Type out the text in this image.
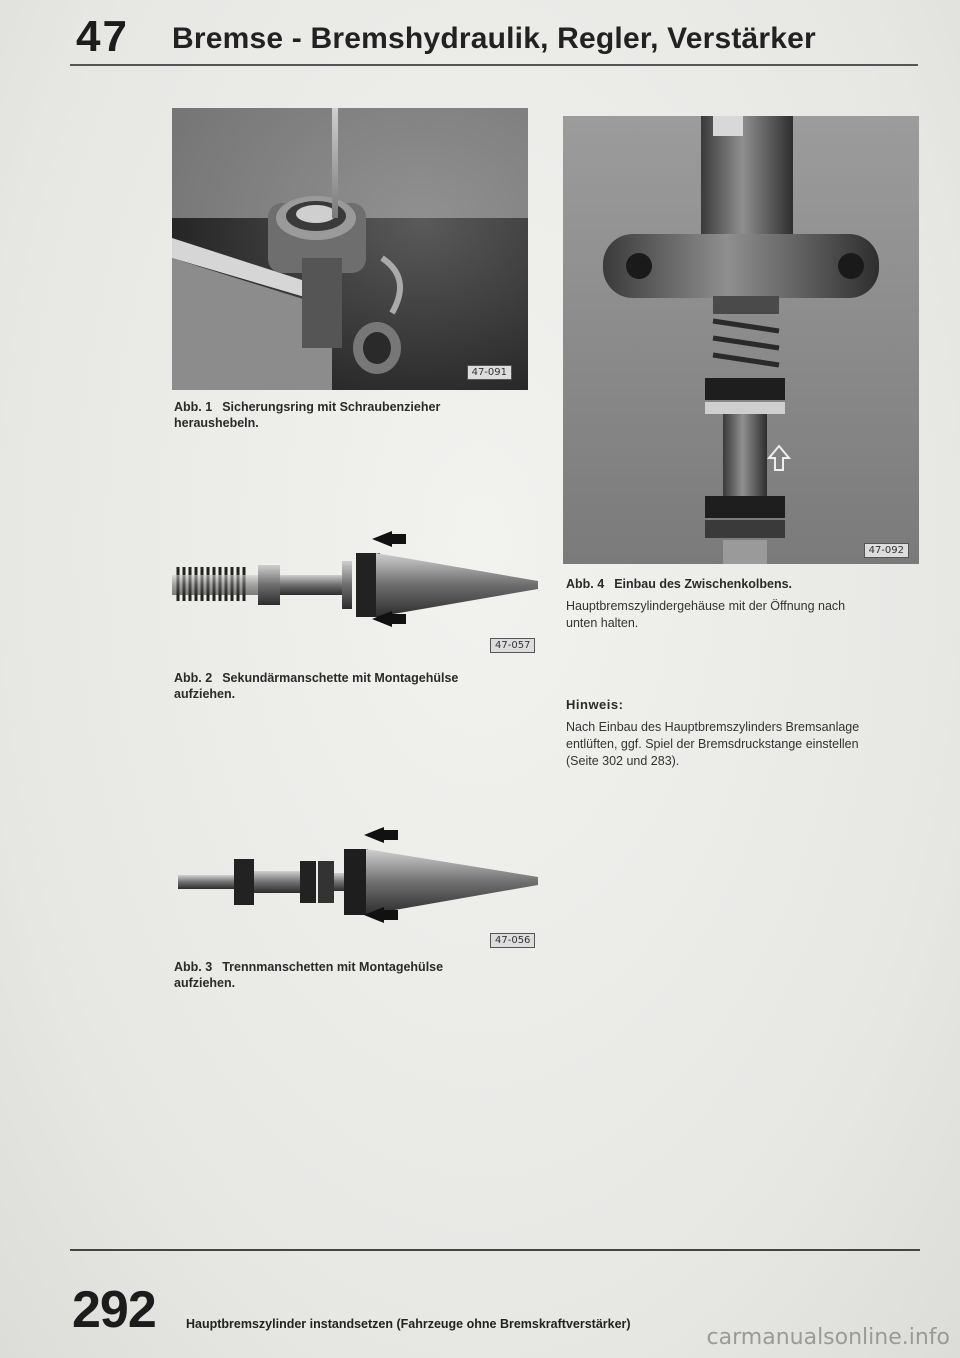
47 Bremse - Bremshydraulik, Regler, Verstärker
47-091
Abb. 1 Sicherungsring mit Schraubenzieher
heraushebeln.
47-057
Abb. 2 Sekundärmanschette mit Montagehülse
aufziehen.
47-056
Abb. 3 Trennmanschetten mit Montagehülse
aufziehen.
47-092
Abb. 4 Einbau des Zwischenkolbens.
Hauptbremszylindergehäuse mit der Öffnung nach
unten halten.
Hinweis:
Nach Einbau des Hauptbremszylinders Bremsanlage
entlüften, ggf. Spiel der Bremsdruckstange einstellen
(Seite 302 und 283).
292 Hauptbremszylinder instandsetzen (Fahrzeuge ohne Bremskraftverstärker)
carmanualsonline.info
